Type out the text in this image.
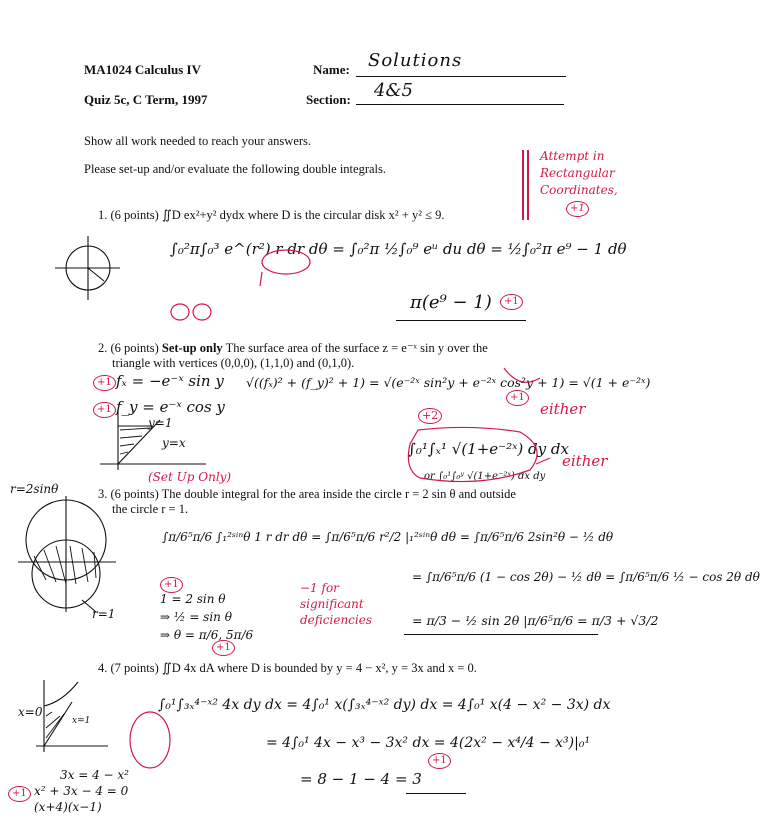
MA1024 Calculus IV
Quiz 5c, C Term, 1997
Name: Solutions
Section: 4&5
Show all work needed to reach your answers.
Please set-up and/or evaluate the following double integrals.
Attempt in
Rectangular
Coordinates,
+1
1. (6 points) ∬D ex²+y² dydx where D is the circular disk x² + y² ≤ 9.
∫₀²π∫₀³ e^(r²) r dr dθ = ∫₀²π ½∫₀⁹ eᵘ du dθ = ½∫₀²π e⁹ − 1 dθ
π(e⁹ − 1)	+1
2. (6 points) Set-up only The surface area of the surface z = e⁻ˣ sin y over the
triangle with vertices (0,0,0), (1,1,0) and (0,1,0).
+1 fₓ = −e⁻ˣ sin y
+1 f_y = e⁻ˣ cos y
√((fₓ)² + (f_y)² + 1) = √(e⁻²ˣ sin²y + e⁻²ˣ cos²y + 1) = √(1 + e⁻²ˣ)
+1
either
+2
∫₀¹∫ₓ¹ √(1+e⁻²ˣ) dy dx
or ∫₀¹∫₀ʸ √(1+e⁻²ˣ) dx dy
either
y=1
y=x
(Set Up Only)
3. (6 points) The double integral for the area inside the circle r = 2 sin θ and outside
the circle r = 1.
r=2sinθ
r=1
∫π/6⁵π/6 ∫₁²ˢⁱⁿθ 1 r dr dθ = ∫π/6⁵π/6 r²/2 |₁²ˢⁱⁿθ dθ = ∫π/6⁵π/6 2sin²θ − ½ dθ
= ∫π/6⁵π/6 (1 − cos 2θ) − ½ dθ = ∫π/6⁵π/6 ½ − cos 2θ dθ
= π/3 − ½ sin 2θ |π/6⁵π/6 = π/3 + √3/2
+1
1 = 2 sin θ
⇒ ½ = sin θ
⇒ θ = π/6, 5π/6
+1
−1 for significant deficiencies
4. (7 points) ∬D 4x dA where D is bounded by y = 4 − x², y = 3x and x = 0.
∫₀¹∫₃ₓ⁴⁻ˣ² 4x dy dx = 4∫₀¹ x(∫₃ₓ⁴⁻ˣ² dy) dx = 4∫₀¹ x(4 − x² − 3x) dx
= 4∫₀¹ 4x − x³ − 3x² dx = 4(2x² − x⁴/4 − x³)|₀¹
= 8 − 1 − 4 = 3
+1
x=0
x=1
3x = 4 − x²
+1 x² + 3x − 4 = 0
(x+4)(x−1)
